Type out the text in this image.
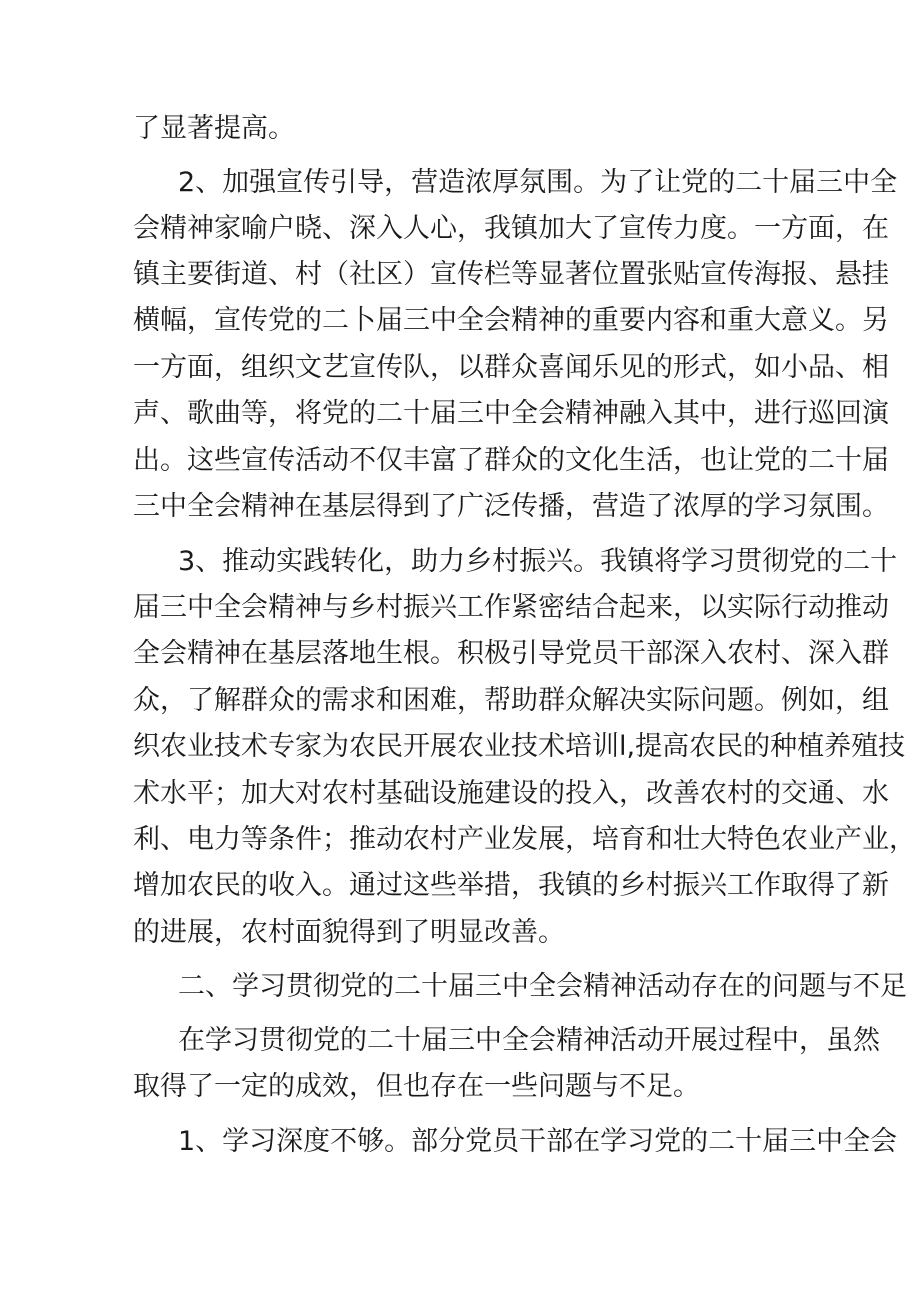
了显著提高。
2、加强宣传引导，营造浓厚氛围。为了让党的二十届三中全
会精神家喻户晓、深入人心，我镇加大了宣传力度。一方面，在
镇主要街道、村（社区）宣传栏等显著位置张贴宣传海报、悬挂
横幅，宣传党的二卜届三中全会精神的重要内容和重大意义。另
一方面，组织文艺宣传队，以群众喜闻乐见的形式，如小品、相
声、歌曲等，将党的二十届三中全会精神融入其中，进行巡回演
出。这些宣传活动不仅丰富了群众的文化生活，也让党的二十届
三中全会精神在基层得到了广泛传播，营造了浓厚的学习氛围。
3、推动实践转化，助力乡村振兴。我镇将学习贯彻党的二十
届三中全会精神与乡村振兴工作紧密结合起来，以实际行动推动
全会精神在基层落地生根。积极引导党员干部深入农村、深入群
众，了解群众的需求和困难，帮助群众解决实际问题。例如，组
织农业技术专家为农民开展农业技术培训l,提高农民的种植养殖技
术水平；加大对农村基础设施建设的投入，改善农村的交通、水
利、电力等条件；推动农村产业发展，培育和壮大特色农业产业，
增加农民的收入。通过这些举措，我镇的乡村振兴工作取得了新
的进展，农村面貌得到了明显改善。
二、学习贯彻党的二十届三中全会精神活动存在的问题与不足
在学习贯彻党的二十届三中全会精神活动开展过程中，虽然
取得了一定的成效，但也存在一些问题与不足。
1、学习深度不够。部分党员干部在学习党的二十届三中全会
